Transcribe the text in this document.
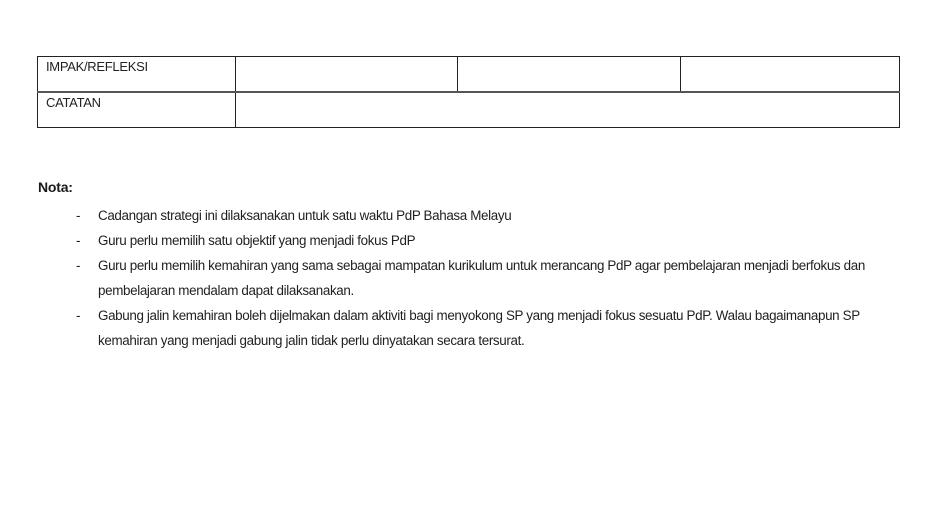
IMPAK/REFLEKSI			
CATATAN			
Nota:
-	Cadangan strategi ini dilaksanakan untuk satu waktu PdP Bahasa Melayu
-	Guru perlu memilih satu objektif yang menjadi fokus PdP
-	Guru perlu memilih kemahiran yang sama sebagai mampatan kurikulum untuk merancang PdP agar pembelajaran menjadi berfokus dan pembelajaran mendalam dapat dilaksanakan.
-	Gabung jalin kemahiran boleh dijelmakan dalam aktiviti bagi menyokong SP yang menjadi fokus sesuatu PdP. Walau bagaimanapun SP kemahiran yang menjadi gabung jalin tidak perlu dinyatakan secara tersurat.
